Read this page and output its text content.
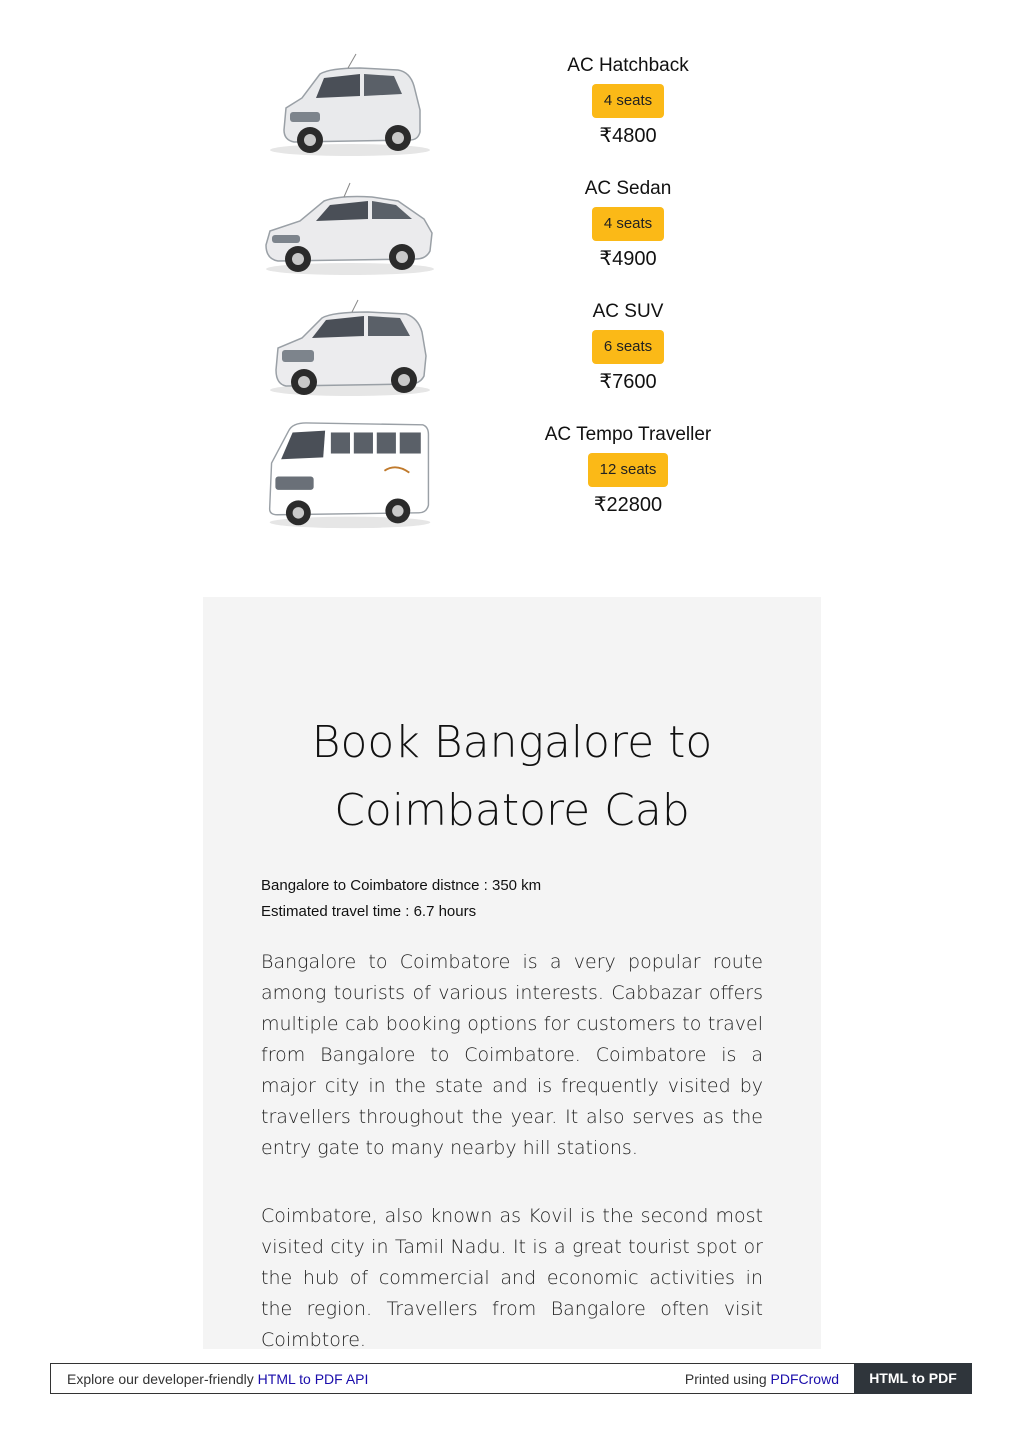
AC Hatchback
4 seats
₹4800
AC Sedan
4 seats
₹4900
AC SUV
6 seats
₹7600
AC Tempo Traveller
12 seats
₹22800
Book Bangalore to
Coimbatore Cab
Bangalore to Coimbatore distnce : 350 km
Estimated travel time : 6.7 hours

Bangalore to Coimbatore is a very popular route among tourists of various interests. Cabbazar offers multiple cab booking options for customers to travel from Bangalore to Coimbatore. Coimbatore is a major city in the state and is frequently visited by travellers throughout the year. It also serves as the entry gate to many nearby hill stations.

Coimbatore, also known as Kovil is the second most visited city in Tamil Nadu. It is a great tourist spot or the hub of commercial and economic activities in the region. Travellers from Bangalore often visit Coimbtore.

Explore our developer-friendly HTML to PDF API	Printed using PDFCrowd	HTML to PDF
